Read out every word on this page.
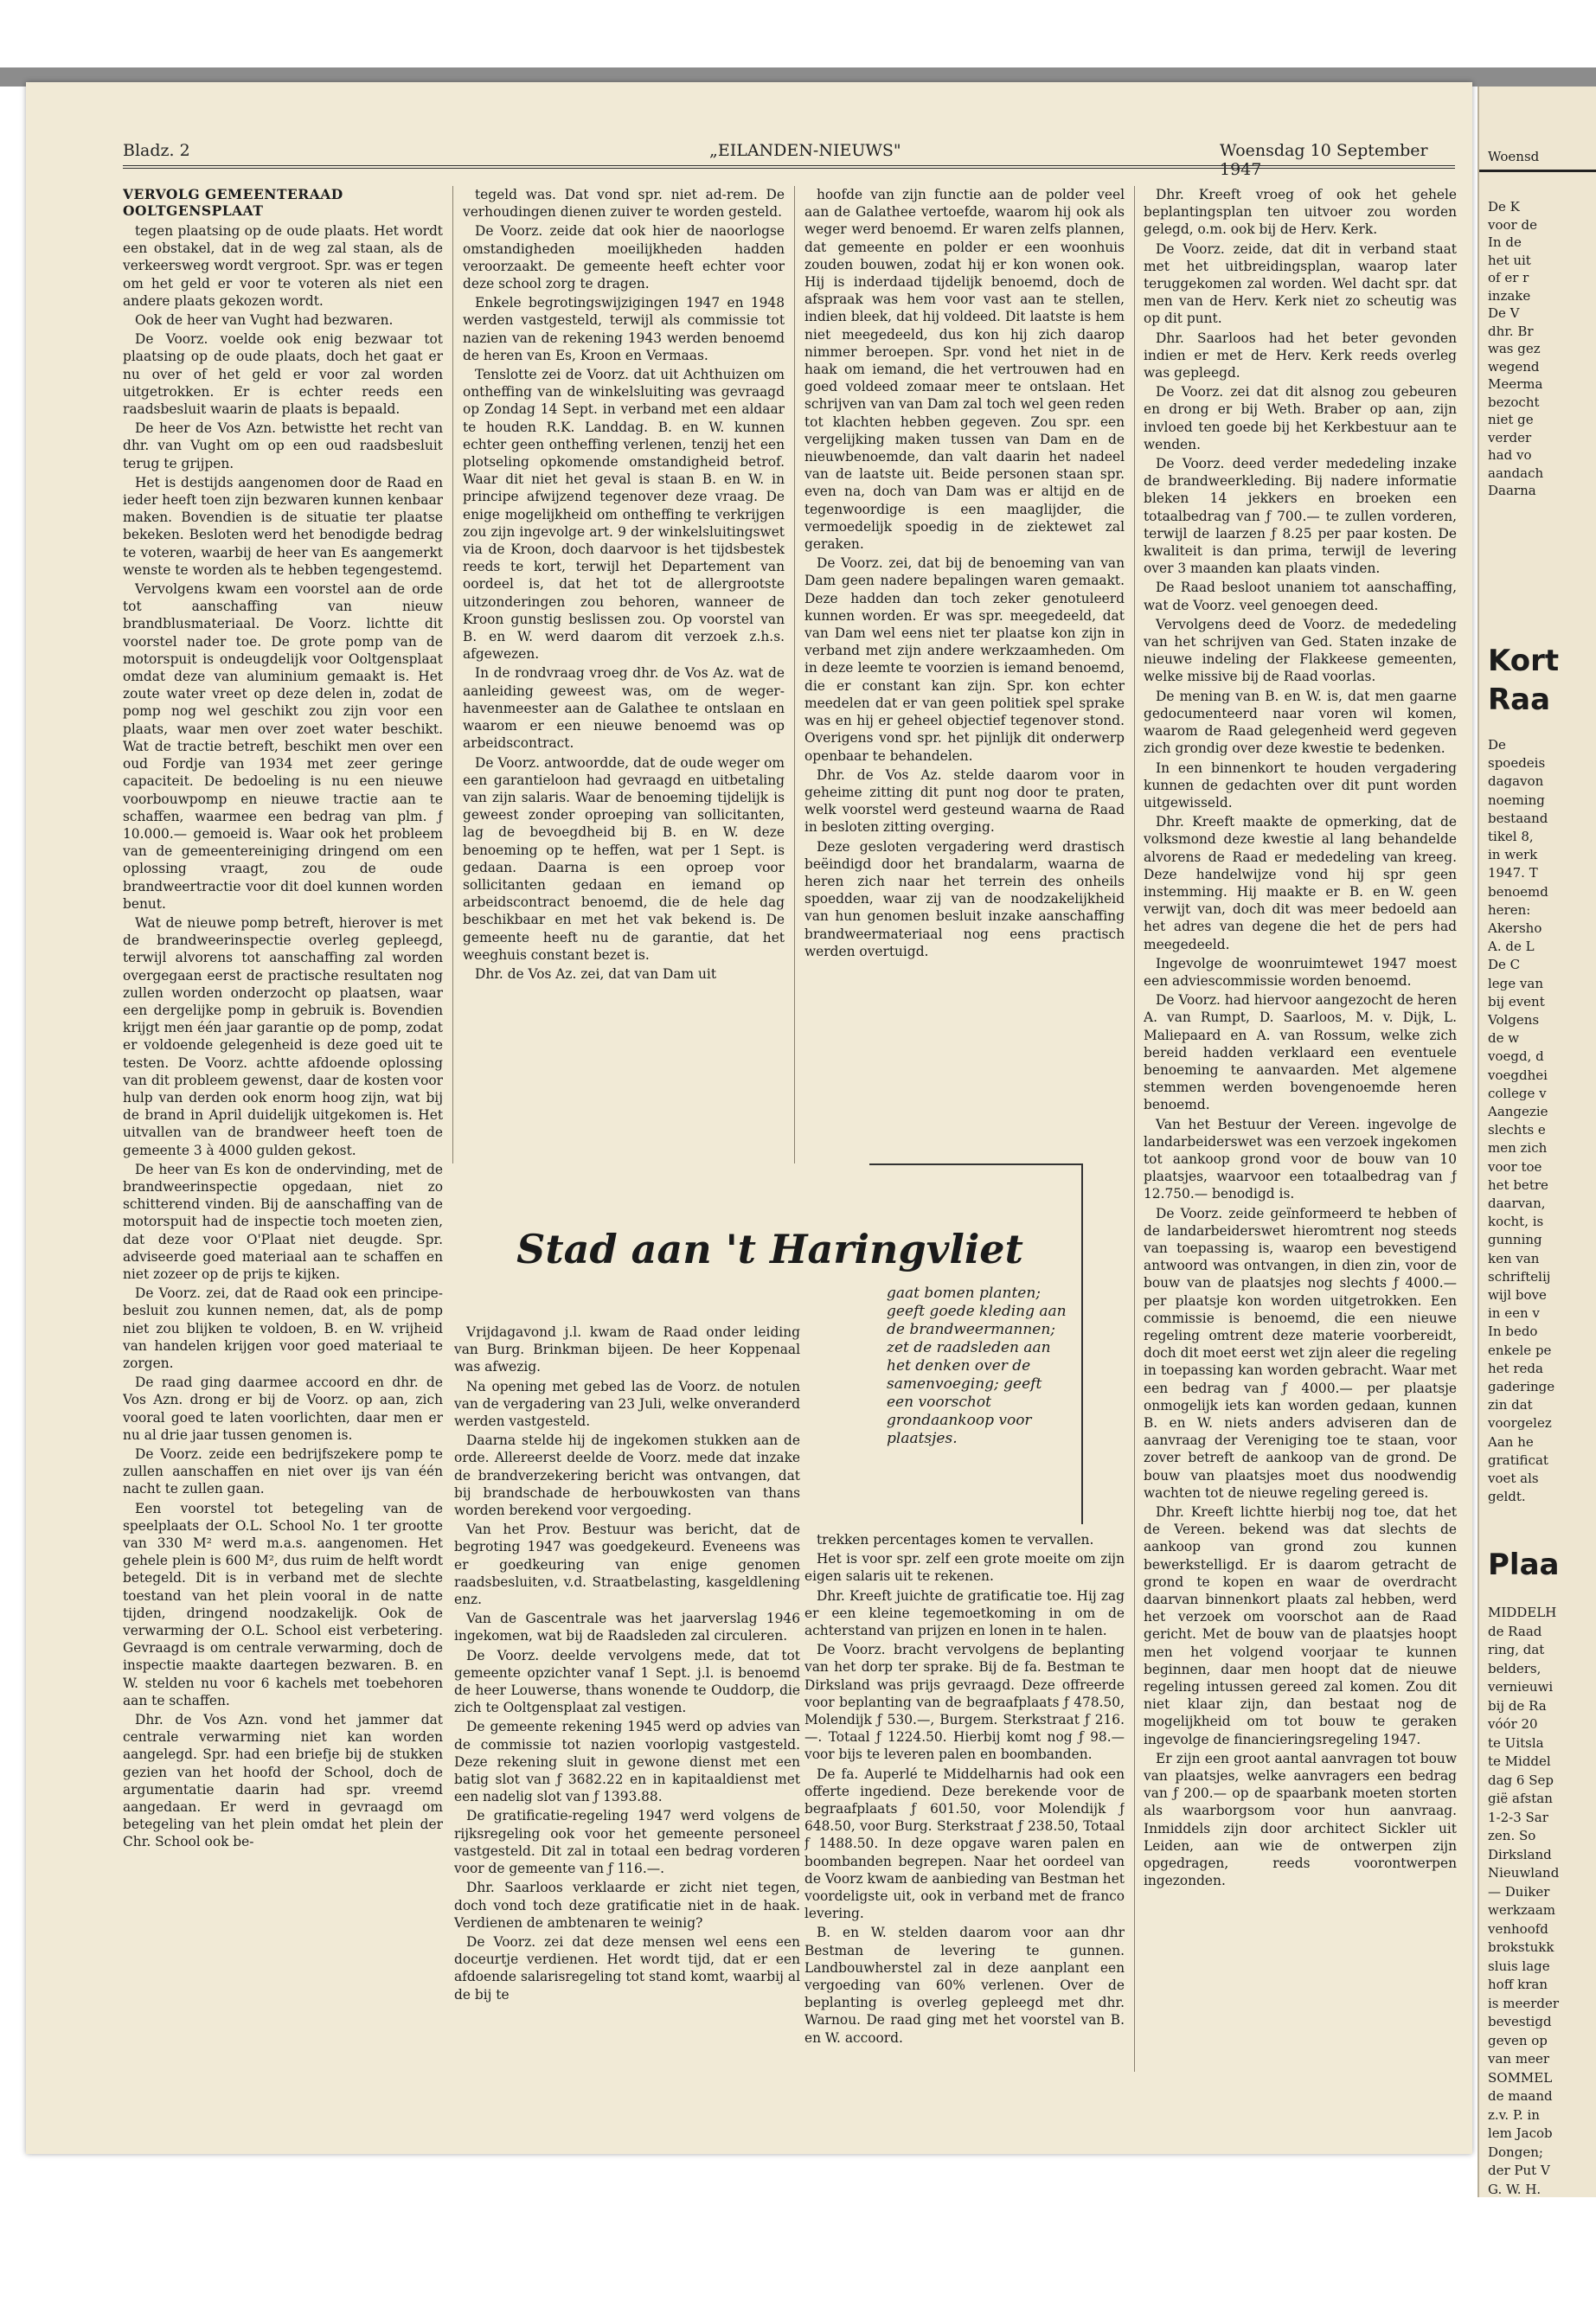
Bladz. 2	„EILANDEN-NIEUWS"	Woensdag 10 September 1947
VERVOLG GEMEENTERAAD OOLTGENSPLAAT

tegen plaatsing op de oude plaats. Het wordt een obstakel, dat in de weg zal staan, als de verkeersweg wordt vergroot. Spr. was er tegen om het geld er voor te voteren als niet een andere plaats gekozen wordt.

Ook de heer van Vught had bezwaren.

De Voorz. voelde ook enig bezwaar tot plaatsing op de oude plaats, doch het gaat er nu over of het geld er voor zal worden uitgetrokken. Er is echter reeds een raadsbesluit waarin de plaats is bepaald.

De heer de Vos Azn. betwistte het recht van dhr. van Vught om op een oud raadsbesluit terug te grijpen.

Het is destijds aangenomen door de Raad en ieder heeft toen zijn bezwaren kunnen kenbaar maken. Bovendien is de situatie ter plaatse bekeken. Besloten werd het benodigde bedrag te voteren, waarbij de heer van Es aangemerkt wenste te worden als te hebben tegengestemd.

Vervolgens kwam een voorstel aan de orde tot aanschaffing van nieuw brandblusmateriaal. De Voorz. lichtte dit voorstel nader toe. De grote pomp van de motorspuit is ondeugdelijk voor Ooltgensplaat omdat deze van aluminium gemaakt is. Het zoute water vreet op deze delen in, zodat de pomp nog wel geschikt zou zijn voor een plaats, waar men over zoet water beschikt. Wat de tractie betreft, beschikt men over een oud Fordje van 1934 met zeer geringe capaciteit. De bedoeling is nu een nieuwe voorbouwpomp en nieuwe tractie aan te schaffen, waarmee een bedrag van plm. ƒ 10.000.— gemoeid is. Waar ook het probleem van de gemeentereiniging dringend om een oplossing vraagt, zou de oude brandweertractie voor dit doel kunnen worden benut.

Wat de nieuwe pomp betreft, hierover is met de brandweerinspectie overleg gepleegd, terwijl alvorens tot aanschaffing zal worden overgegaan eerst de practische resultaten nog zullen worden onderzocht op plaatsen, waar een dergelijke pomp in gebruik is. Bovendien krijgt men één jaar garantie op de pomp, zodat er voldoende gelegenheid is deze goed uit te testen. De Voorz. achtte afdoende oplossing van dit probleem gewenst, daar de kosten voor hulp van derden ook enorm hoog zijn, wat bij de brand in April duidelijk uitgekomen is. Het uitvallen van de brandweer heeft toen de gemeente 3 à 4000 gulden gekost.

De heer van Es kon de ondervinding, met de brandweerinspectie opgedaan, niet zo schitterend vinden. Bij de aanschaffing van de motorspuit had de inspectie toch moeten zien, dat deze voor O'Plaat niet deugde. Spr. adviseerde goed materiaal aan te schaffen en niet zozeer op de prijs te kijken.

De Voorz. zei, dat de Raad ook een principe-besluit zou kunnen nemen, dat, als de pomp niet zou blijken te voldoen, B. en W. vrijheid van handelen krijgen voor goed materiaal te zorgen.

De raad ging daarmee accoord en dhr. de Vos Azn. drong er bij de Voorz. op aan, zich vooral goed te laten voorlichten, daar men er nu al drie jaar tussen genomen is.

De Voorz. zeide een bedrijfszekere pomp te zullen aanschaffen en niet over ijs van één nacht te zullen gaan.

Een voorstel tot betegeling van de speelplaats der O.L. School No. 1 ter grootte van 330 M² werd m.a.s. aangenomen. Het gehele plein is 600 M², dus ruim de helft wordt betegeld. Dit is in verband met de slechte toestand van het plein vooral in de natte tijden, dringend noodzakelijk. Ook de verwarming der O.L. School eist verbetering. Gevraagd is om centrale verwarming, doch de inspectie maakte daartegen bezwaren. B. en W. stelden nu voor 6 kachels met toebehoren aan te schaffen.

Dhr. de Vos Azn. vond het jammer dat centrale verwarming niet kan worden aangelegd. Spr. had een briefje bij de stukken gezien van het hoofd der School, doch de argumentatie daarin had spr. vreemd aangedaan. Er werd in gevraagd om betegeling van het plein omdat het plein der Chr. School ook be-

tegeld was. Dat vond spr. niet ad-rem. De verhoudingen dienen zuiver te worden gesteld.

De Voorz. zeide dat ook hier de naoorlogse omstandigheden moeilijkheden hadden veroorzaakt. De gemeente heeft echter voor deze school zorg te dragen.

Enkele begrotingswijzigingen 1947 en 1948 werden vastgesteld, terwijl als commissie tot nazien van de rekening 1943 werden benoemd de heren van Es, Kroon en Vermaas.

Tenslotte zei de Voorz. dat uit Achthuizen om ontheffing van de winkelsluiting was gevraagd op Zondag 14 Sept. in verband met een aldaar te houden R.K. Landdag. B. en W. kunnen echter geen ontheffing verlenen, tenzij het een plotseling opkomende omstandigheid betrof. Waar dit niet het geval is staan B. en W. in principe afwijzend tegenover deze vraag. De enige mogelijkheid om ontheffing te verkrijgen zou zijn ingevolge art. 9 der winkelsluitingswet via de Kroon, doch daarvoor is het tijdsbestek reeds te kort, terwijl het Departement van oordeel is, dat het tot de allergrootste uitzonderingen zou behoren, wanneer de Kroon gunstig beslissen zou. Op voorstel van B. en W. werd daarom dit verzoek z.h.s. afgewezen.

In de rondvraag vroeg dhr. de Vos Az. wat de aanleiding geweest was, om de weger-havenmeester aan de Galathee te ontslaan en waarom er een nieuwe benoemd was op arbeidscontract.

De Voorz. antwoordde, dat de oude weger om een garantieloon had gevraagd en uitbetaling van zijn salaris. Waar de benoeming tijdelijk is geweest zonder oproeping van sollicitanten, lag de bevoegdheid bij B. en W. deze benoeming op te heffen, wat per 1 Sept. is gedaan. Daarna is een oproep voor sollicitanten gedaan en iemand op arbeidscontract benoemd, die de hele dag beschikbaar en met het vak bekend is. De gemeente heeft nu de garantie, dat het weeghuis constant bezet is.

Dhr. de Vos Az. zei, dat van Dam uit

hoofde van zijn functie aan de polder veel aan de Galathee vertoefde, waarom hij ook als weger werd benoemd. Er waren zelfs plannen, dat gemeente en polder er een woonhuis zouden bouwen, zodat hij er kon wonen ook. Hij is inderdaad tijdelijk benoemd, doch de afspraak was hem voor vast aan te stellen, indien bleek, dat hij voldeed. Dit laatste is hem niet meegedeeld, dus kon hij zich daarop nimmer beroepen. Spr. vond het niet in de haak om iemand, die het vertrouwen had en goed voldeed zomaar meer te ontslaan. Het schrijven van van Dam zal toch wel geen reden tot klachten hebben gegeven. Zou spr. een vergelijking maken tussen van Dam en de nieuwbenoemde, dan valt daarin het nadeel van de laatste uit. Beide personen staan spr. even na, doch van Dam was er altijd en de tegenwoordige is een maaglijder, die vermoedelijk spoedig in de ziektewet zal geraken.

De Voorz. zei, dat bij de benoeming van van Dam geen nadere bepalingen waren gemaakt. Deze hadden dan toch zeker genotuleerd kunnen worden. Er was spr. meegedeeld, dat van Dam wel eens niet ter plaatse kon zijn in verband met zijn andere werkzaamheden. Om in deze leemte te voorzien is iemand benoemd, die er constant kan zijn. Spr. kon echter meedelen dat er van geen politiek spel sprake was en hij er geheel objectief tegenover stond. Overigens vond spr. het pijnlijk dit onderwerp openbaar te behandelen.

Dhr. de Vos Az. stelde daarom voor in geheime zitting dit punt nog door te praten, welk voorstel werd gesteund waarna de Raad in besloten zitting overging.

Deze gesloten vergadering werd drastisch beëindigd door het brandalarm, waarna de heren zich naar het terrein des onheils spoedden, waar zij van de noodzakelijkheid van hun genomen besluit inzake aanschaffing brandweermateriaal nog eens practisch werden overtuigd.

Dhr. Kreeft vroeg of ook het gehele beplantingsplan ten uitvoer zou worden gelegd, o.m. ook bij de Herv. Kerk.

De Voorz. zeide, dat dit in verband staat met het uitbreidingsplan, waarop later teruggekomen zal worden. Wel dacht spr. dat men van de Herv. Kerk niet zo scheutig was op dit punt.

Dhr. Saarloos had het beter gevonden indien er met de Herv. Kerk reeds overleg was gepleegd.

De Voorz. zei dat dit alsnog zou gebeuren en drong er bij Weth. Braber op aan, zijn invloed ten goede bij het Kerkbestuur aan te wenden.

De Voorz. deed verder mededeling inzake de brandweerkleding. Bij nadere informatie bleken 14 jekkers en broeken een totaalbedrag van ƒ 700.— te zullen vorderen, terwijl de laarzen ƒ 8.25 per paar kosten. De kwaliteit is dan prima, terwijl de levering over 3 maanden kan plaats vinden.

De Raad besloot unaniem tot aanschaffing, wat de Voorz. veel genoegen deed.

Vervolgens deed de Voorz. de mededeling van het schrijven van Ged. Staten inzake de nieuwe indeling der Flakkeese gemeenten, welke missive bij de Raad voorlas.

De mening van B. en W. is, dat men gaarne gedocumenteerd naar voren wil komen, waarom de Raad gelegenheid werd gegeven zich grondig over deze kwestie te bedenken.

In een binnenkort te houden vergadering kunnen de gedachten over dit punt worden uitgewisseld.

Dhr. Kreeft maakte de opmerking, dat de volksmond deze kwestie al lang behandelde alvorens de Raad er mededeling van kreeg. Deze handelwijze vond hij spr geen instemming. Hij maakte er B. en W. geen verwijt van, doch dit was meer bedoeld aan het adres van degene die het de pers had meegedeeld.

Ingevolge de woonruimtewet 1947 moest een adviescommissie worden benoemd.

De Voorz. had hiervoor aangezocht de heren A. van Rumpt, D. Saarloos, M. v. Dijk, L. Maliepaard en A. van Rossum, welke zich bereid hadden verklaard een eventuele benoeming te aanvaarden. Met algemene stemmen werden bovengenoemde heren benoemd.

Van het Bestuur der Vereen. ingevolge de landarbeiderswet was een verzoek ingekomen tot aankoop grond voor de bouw van 10 plaatsjes, waarvoor een totaalbedrag van ƒ 12.750.— benodigd is.

De Voorz. zeide geïnformeerd te hebben of de landarbeiderswet hieromtrent nog steeds van toepassing is, waarop een bevestigend antwoord was ontvangen, in dien zin, voor de bouw van de plaatsjes nog slechts ƒ 4000.— per plaatsje kon worden uitgetrokken. Een commissie is benoemd, die een nieuwe regeling omtrent deze materie voorbereidt, doch dit moet eerst wet zijn aleer die regeling in toepassing kan worden gebracht. Waar met een bedrag van ƒ 4000.— per plaatsje onmogelijk iets kan worden gedaan, kunnen B. en W. niets anders adviseren dan de aanvraag der Vereniging toe te staan, voor zover betreft de aankoop van de grond. De bouw van plaatsjes moet dus noodwendig wachten tot de nieuwe regeling gereed is.

Dhr. Kreeft lichtte hierbij nog toe, dat het de Vereen. bekend was dat slechts de aankoop van grond zou kunnen bewerkstelligd. Er is daarom getracht de grond te kopen en waar de overdracht daarvan binnenkort plaats zal hebben, werd het verzoek om voorschot aan de Raad gericht. Met de bouw van de plaatsjes hoopt men het volgend voorjaar te kunnen beginnen, daar men hoopt dat de nieuwe regeling intussen gereed zal komen. Zou dit niet klaar zijn, dan bestaat nog de mogelijkheid om tot bouw te geraken ingevolge de financieringsregeling 1947.

Er zijn een groot aantal aanvragen tot bouw van plaatsjes, welke aanvragers een bedrag van ƒ 200.— op de spaarbank moeten storten als waarborgsom voor hun aanvraag. Inmiddels zijn door architect Sickler uit Leiden, aan wie de ontwerpen zijn opgedragen, reeds voorontwerpen ingezonden.

Stad aan 't Haringvliet
gaat bomen planten; geeft goede kleding aan de brandweermannen; zet de raadsleden aan het denken over de samenvoeging; geeft een voorschot grondaankoop voor plaatsjes.

Vrijdagavond j.l. kwam de Raad onder leiding van Burg. Brinkman bijeen. De heer Koppenaal was afwezig.

Na opening met gebed las de Voorz. de notulen van de vergadering van 23 Juli, welke onveranderd werden vastgesteld.

Daarna stelde hij de ingekomen stukken aan de orde. Allereerst deelde de Voorz. mede dat inzake de brandverzekering bericht was ontvangen, dat bij brandschade de herbouwkosten van thans worden berekend voor vergoeding.

Van het Prov. Bestuur was bericht, dat de begroting 1947 was goedgekeurd. Eveneens was er goedkeuring van enige genomen raadsbesluiten, v.d. Straatbelasting, kasgeldlening enz.

Van de Gascentrale was het jaarverslag 1946 ingekomen, wat bij de Raadsleden zal circuleren.

De Voorz. deelde vervolgens mede, dat tot gemeente opzichter vanaf 1 Sept. j.l. is benoemd de heer Louwerse, thans wonende te Ouddorp, die zich te Ooltgensplaat zal vestigen.

De gemeente rekening 1945 werd op advies van de commissie tot nazien voorlopig vastgesteld. Deze rekening sluit in gewone dienst met een batig slot van ƒ 3682.22 en in kapitaaldienst met een nadelig slot van ƒ 1393.88.

De gratificatie-regeling 1947 werd volgens de rijksregeling ook voor het gemeente personeel vastgesteld. Dit zal in totaal een bedrag vorderen voor de gemeente van ƒ 116.—.

Dhr. Saarloos verklaarde er zicht niet tegen, doch vond toch deze gratificatie niet in de haak. Verdienen de ambtenaren te weinig?

De Voorz. zei dat deze mensen wel eens een doceurtje verdienen. Het wordt tijd, dat er een afdoende salarisregeling tot stand komt, waarbij al de bij te

trekken percentages komen te vervallen.

Het is voor spr. zelf een grote moeite om zijn eigen salaris uit te rekenen.

Dhr. Kreeft juichte de gratificatie toe. Hij zag er een kleine tegemoetkoming in om de achterstand van prijzen en lonen in te halen.

De Voorz. bracht vervolgens de beplanting van het dorp ter sprake. Bij de fa. Bestman te Dirksland was prijs gevraagd. Deze offreerde voor beplanting van de begraafplaats ƒ 478.50, Molendijk ƒ 530.—, Burgem. Sterkstraat ƒ 216.—. Totaal ƒ 1224.50. Hierbij komt nog ƒ 98.— voor bijs te leveren palen en boombanden.

De fa. Auperlé te Middelharnis had ook een offerte ingediend. Deze berekende voor de begraafplaats ƒ 601.50, voor Molendijk ƒ 648.50, voor Burg. Sterkstraat ƒ 238.50, Totaal ƒ 1488.50. In deze opgave waren palen en boombanden begrepen. Naar het oordeel van de Voorz kwam de aanbieding van Bestman het voordeligste uit, ook in verband met de franco levering.

B. en W. stelden daarom voor aan dhr Bestman de levering te gunnen. Landbouwherstel zal in deze aanplant een vergoeding van 60% verlenen. Over de beplanting is overleg gepleegd met dhr. Warnou. De raad ging met het voorstel van B. en W. accoord.

Woensd
De K
voor de
In de
het uit
of er r
inzake
De V
dhr. Br
was gez
wegend
Meerma
bezocht
niet ge
verder
had vo
aandach
Daarna
Kort
Raa
De
spoedeis
dagavon
noeming
bestaand
tikel 8,
in werk
1947. T
benoemd
heren:
Akersho
A. de L
De C
lege van
bij event
Volgens
de w
voegd, d
voegdhei
college v
Aangezie
slechts e
men zich
voor toe
het betre
daarvan,
kocht, is
gunning
ken van
schriftelij
wijl bove
in een v
In bedo
enkele pe
het reda
gaderinge
zin dat
voorgelez
Aan he
gratificat
voet als
geldt.
Plaa
MIDDELH
de Raad
ring, dat
belders,
vernieuwi
bij de Ra
vóór 20
te Uitsla
te Middel
dag 6 Sep
gië afstan
1-2-3 Sar
zen. So
Dirksland
Nieuwland
— Duiker
werkzaam
venhoofd
brokstukk
sluis lage
hoff kran
is meerder
bevestigd
geven op
van meer
SOMMEL
de maand
z.v. P. in
lem Jacob
Dongen;
der Put V
G. W. H.
